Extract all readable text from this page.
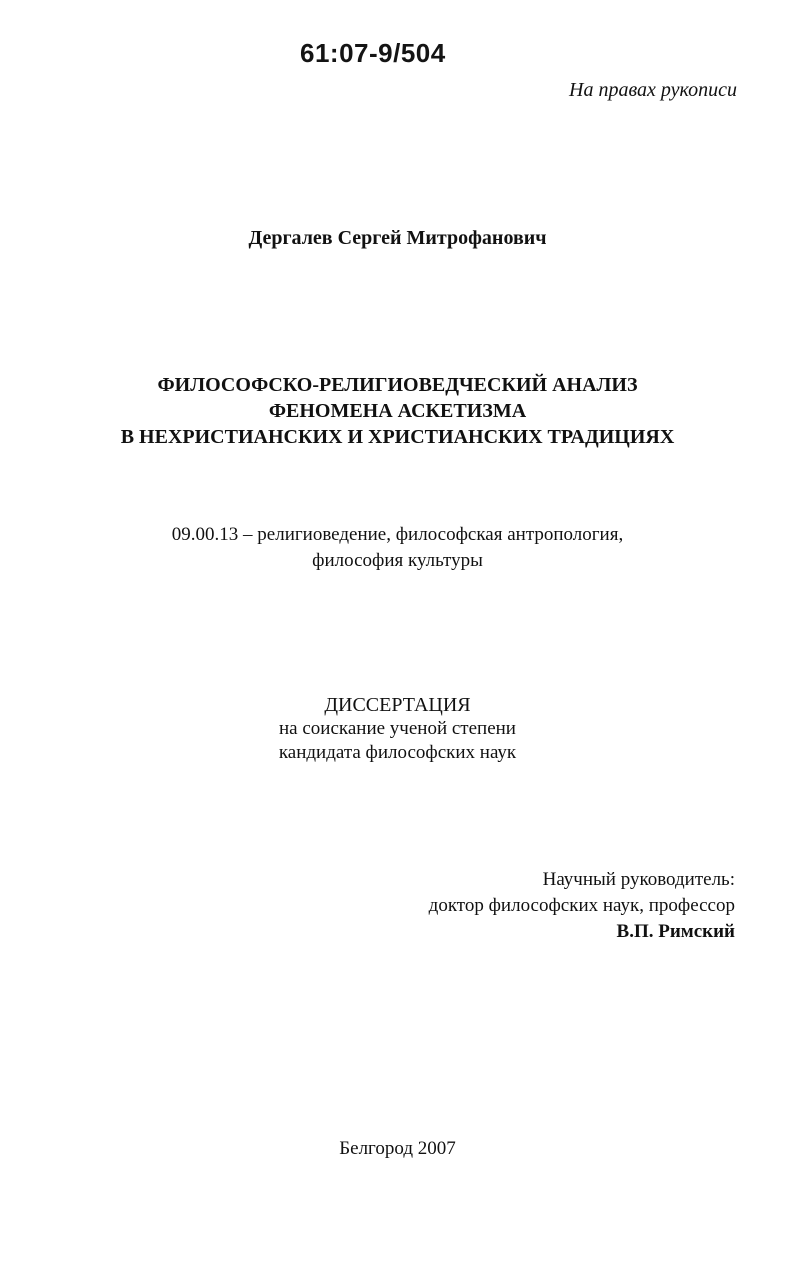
61:07-9/504
На правах рукописи
Дергалев Сергей Митрофанович
ФИЛОСОФСКО-РЕЛИГИОВЕДЧЕСКИЙ АНАЛИЗ
ФЕНОМЕНА АСКЕТИЗМА
В НЕХРИСТИАНСКИХ И ХРИСТИАНСКИХ ТРАДИЦИЯХ
09.00.13 – религиоведение, философская антропология,
философия культуры
ДИССЕРТАЦИЯ
на соискание ученой степени
кандидата философских наук
Научный руководитель:
доктор философских наук, профессор
В.П. Римский
Белгород 2007
